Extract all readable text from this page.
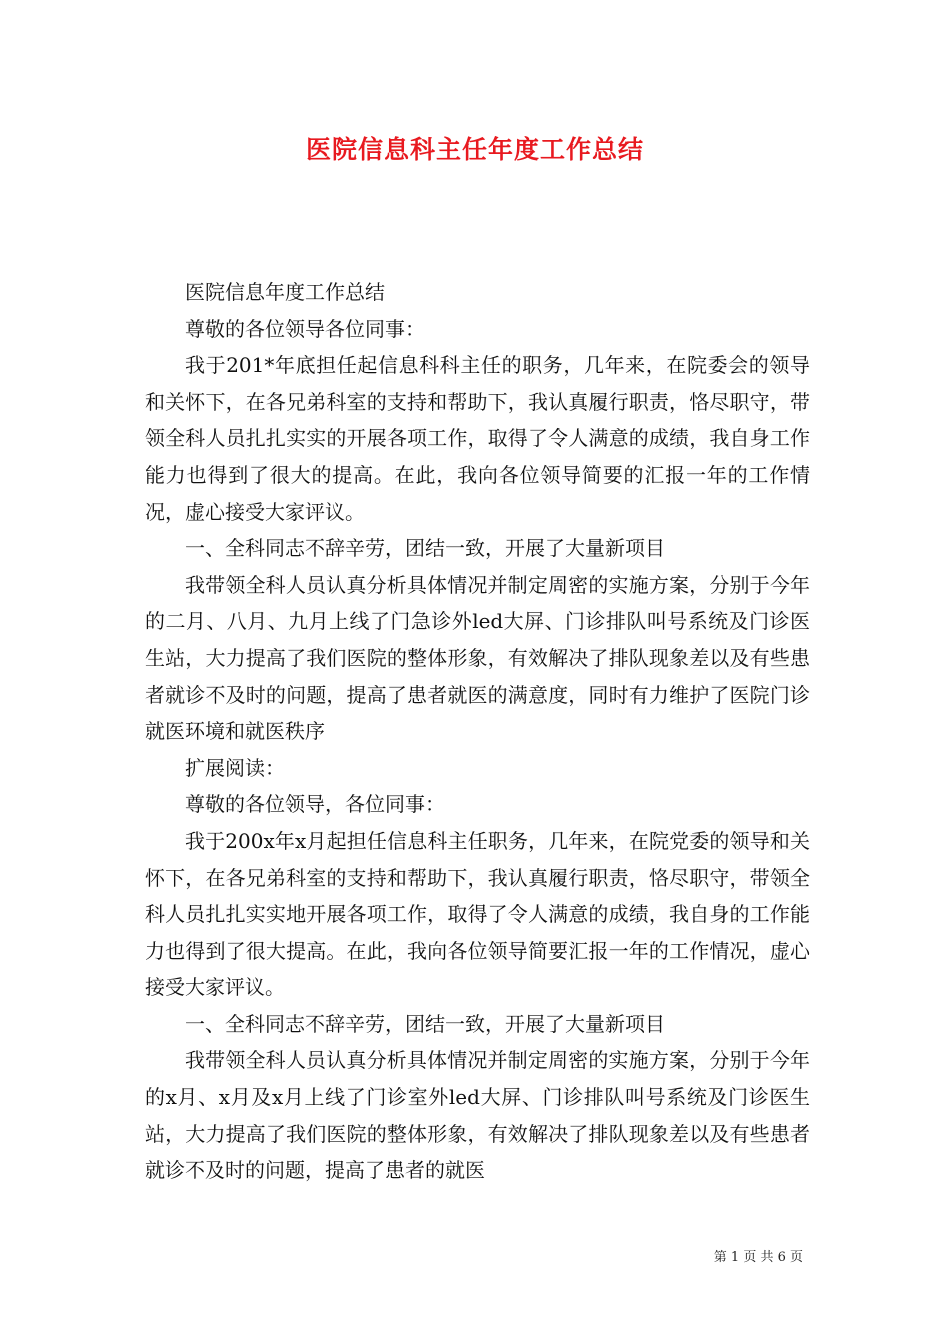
医院信息科主任年度工作总结

医院信息年度工作总结

尊敬的各位领导各位同事：

我于201*年底担任起信息科科主任的职务，几年来，在院委会的领导和关怀下，在各兄弟科室的支持和帮助下，我认真履行职责，恪尽职守，带领全科人员扎扎实实的开展各项工作，取得了令人满意的成绩，我自身工作能力也得到了很大的提高。在此，我向各位领导简要的汇报一年的工作情况，虚心接受大家评议。

一、全科同志不辞辛劳，团结一致，开展了大量新项目

我带领全科人员认真分析具体情况并制定周密的实施方案，分别于今年的二月、八月、九月上线了门急诊外led大屏、门诊排队叫号系统及门诊医生站，大力提高了我们医院的整体形象，有效解决了排队现象差以及有些患者就诊不及时的问题，提高了患者就医的满意度，同时有力维护了医院门诊就医环境和就医秩序

扩展阅读：

尊敬的各位领导，各位同事：

我于200x年x月起担任信息科主任职务，几年来，在院党委的领导和关怀下，在各兄弟科室的支持和帮助下，我认真履行职责，恪尽职守，带领全科人员扎扎实实地开展各项工作，取得了令人满意的成绩，我自身的工作能力也得到了很大提高。在此，我向各位领导简要汇报一年的工作情况，虚心接受大家评议。

一、全科同志不辞辛劳，团结一致，开展了大量新项目

我带领全科人员认真分析具体情况并制定周密的实施方案，分别于今年的x月、x月及x月上线了门诊室外led大屏、门诊排队叫号系统及门诊医生站，大力提高了我们医院的整体形象，有效解决了排队现象差以及有些患者就诊不及时的问题，提高了患者的就医

第 1 页 共 6 页
